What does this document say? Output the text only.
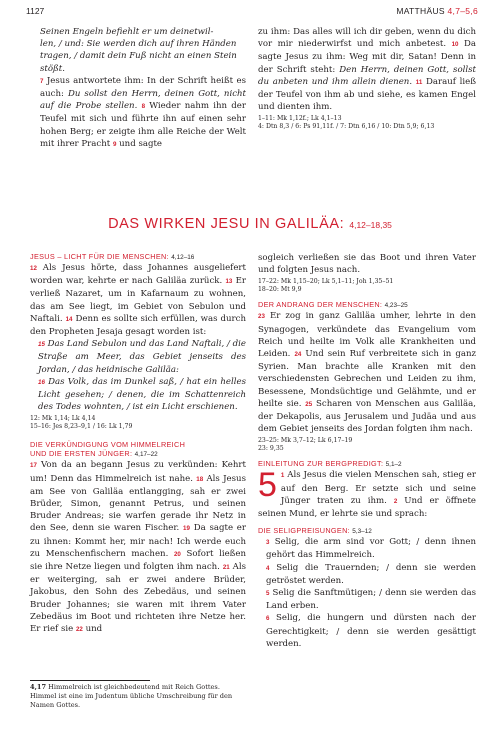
1127	MATTHÄUS 4,7–5,6

Seinen Engeln befiehlt er um deinetwil-
len, / und: Sie werden dich auf ihren Händen
tragen, / damit dein Fuß nicht an einen Stein
stößt.

7 Jesus antwortete ihm: In der Schrift heißt es auch: Du sollst den Herrn, deinen Gott, nicht auf die Probe stellen. 8 Wieder nahm ihn der Teufel mit sich und führte ihn auf einen sehr hohen Berg; er zeigte ihm alle Reiche der Welt mit ihrer Pracht 9 und sagte

zu ihm: Das alles will ich dir geben, wenn du dich vor mir niederwirfst und mich anbetest. 10 Da sagte Jesus zu ihm: Weg mit dir, Satan! Denn in der Schrift steht: Den Herrn, deinen Gott, sollst du anbeten und ihm allein dienen. 11 Darauf ließ der Teufel von ihm ab und siehe, es kamen Engel und dienten ihm.

1–11: Mk 1,12f.; Lk 4,1–13
4: Dtn 8,3 / 6: Ps 91,11f. / 7: Dtn 6,16 / 10: Dtn 5,9; 6,13

DAS WIRKEN JESU IN GALILÄA: 4,12–18,35

JESUS – LICHT FÜR DIE MENSCHEN: 4,12–16

12 Als Jesus hörte, dass Johannes ausgeliefert worden war, kehrte er nach Galiläa zurück. 13 Er verließ Nazaret, um in Kafarnaum zu wohnen, das am See liegt, im Gebiet von Sebulon und Naftali. 14 Denn es sollte sich erfüllen, was durch den Propheten Jesaja gesagt worden ist:

15 Das Land Sebulon und das Land Naftali, / die Straße am Meer, das Gebiet jenseits des Jordan, / das heidnische Galiläa:

16 Das Volk, das im Dunkel saß, / hat ein helles Licht gesehen; / denen, die im Schattenreich des Todes wohnten, / ist ein Licht erschienen.

12: Mk 1,14; Lk 4,14
15–16: Jes 8,23–9,1 / 16: Lk 1,79

DIE VERKÜNDIGUNG VOM HIMMELREICH
UND DIE ERSTEN JÜNGER: 4,17–22

17 Von da an begann Jesus zu verkünden: Kehrt um! Denn das Himmelreich ist nahe. 18 Als Jesus am See von Galiläa entlangging, sah er zwei Brüder, Simon, genannt Petrus, und seinen Bruder Andreas; sie warfen gerade ihr Netz in den See, denn sie waren Fischer. 19 Da sagte er zu ihnen: Kommt her, mir nach! Ich werde euch zu Menschenfischern machen. 20 Sofort ließen sie ihre Netze liegen und folgten ihm nach. 21 Als er weiterging, sah er zwei andere Brüder, Jakobus, den Sohn des Zebedäus, und seinen Bruder Johannes; sie waren mit ihrem Vater Zebedäus im Boot und richteten ihre Netze her. Er rief sie 22 und

4,17 Himmelreich ist gleichbedeutend mit Reich Gottes. Himmel ist eine im Judentum übliche Umschreibung für den Namen Gottes.

sogleich verließen sie das Boot und ihren Vater und folgten Jesus nach.

17–22: Mk 1,15–20; Lk 5,1–11; Joh 1,35–51
18–20: Mt 9,9

DER ANDRANG DER MENSCHEN: 4,23–25

23 Er zog in ganz Galiläa umher, lehrte in den Synagogen, verkündete das Evangelium vom Reich und heilte im Volk alle Krankheiten und Leiden. 24 Und sein Ruf verbreitete sich in ganz Syrien. Man brachte alle Kranken mit den verschiedensten Gebrechen und Leiden zu ihm, Besessene, Mondsüchtige und Gelähmte, und er heilte sie. 25 Scharen von Menschen aus Galiläa, der Dekapolis, aus Jerusalem und Judäa und aus dem Gebiet jenseits des Jordan folgten ihm nach.

23–25: Mk 3,7–12; Lk 6,17–19
23: 9,35

EINLEITUNG ZUR BERGPREDIGT: 5,1–2

5 1 Als Jesus die vielen Menschen sah, stieg er auf den Berg. Er setzte sich und seine Jünger traten zu ihm. 2 Und er öffnete seinen Mund, er lehrte sie und sprach:

DIE SELIGPREISUNGEN: 5,3–12

3 Selig, die arm sind vor Gott; / denn ihnen gehört das Himmelreich.

4 Selig die Trauernden; / denn sie werden getröstet werden.

5 Selig die Sanftmütigen; / denn sie werden das Land erben.

6 Selig, die hungern und dürsten nach der Gerechtigkeit; / denn sie werden gesättigt werden.
